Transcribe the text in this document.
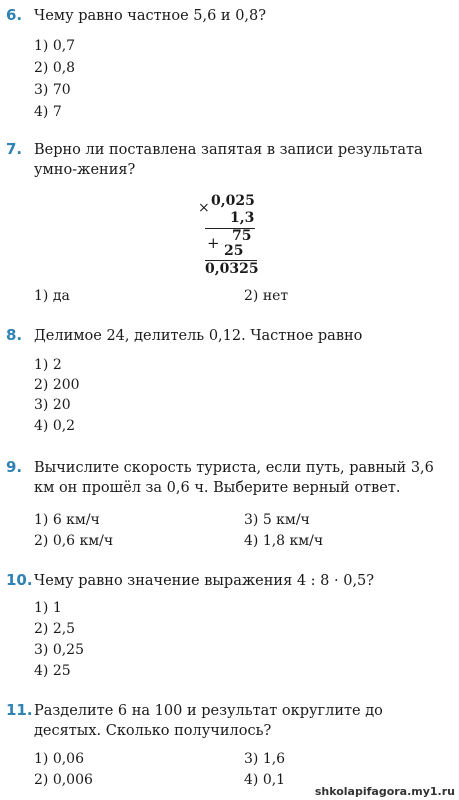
6. Чему равно частное 5,6 и 0,8?
1) 0,7
2) 0,8
3) 70
4) 7
7. Верно ли поставлена запятая в записи результата умно-жения?
× 0,025
1,3
75
+ 25
0,0325
1) да	2) нет
8. Делимое 24, делитель 0,12. Частное равно
1) 2
2) 200
3) 20
4) 0,2
9. Вычислите скорость туриста, если путь, равный 3,6 км он прошёл за 0,6 ч. Выберите верный ответ.
1) 6 км/ч	3) 5 км/ч
2) 0,6 км/ч	4) 1,8 км/ч
10. Чему равно значение выражения 4 : 8 · 0,5?
1) 1
2) 2,5
3) 0,25
4) 25
11. Разделите 6 на 100 и результат округлите до десятых. Сколько получилось?
1) 0,06	3) 1,6
2) 0,006	4) 0,1
shkolapifagora.my1.ru
